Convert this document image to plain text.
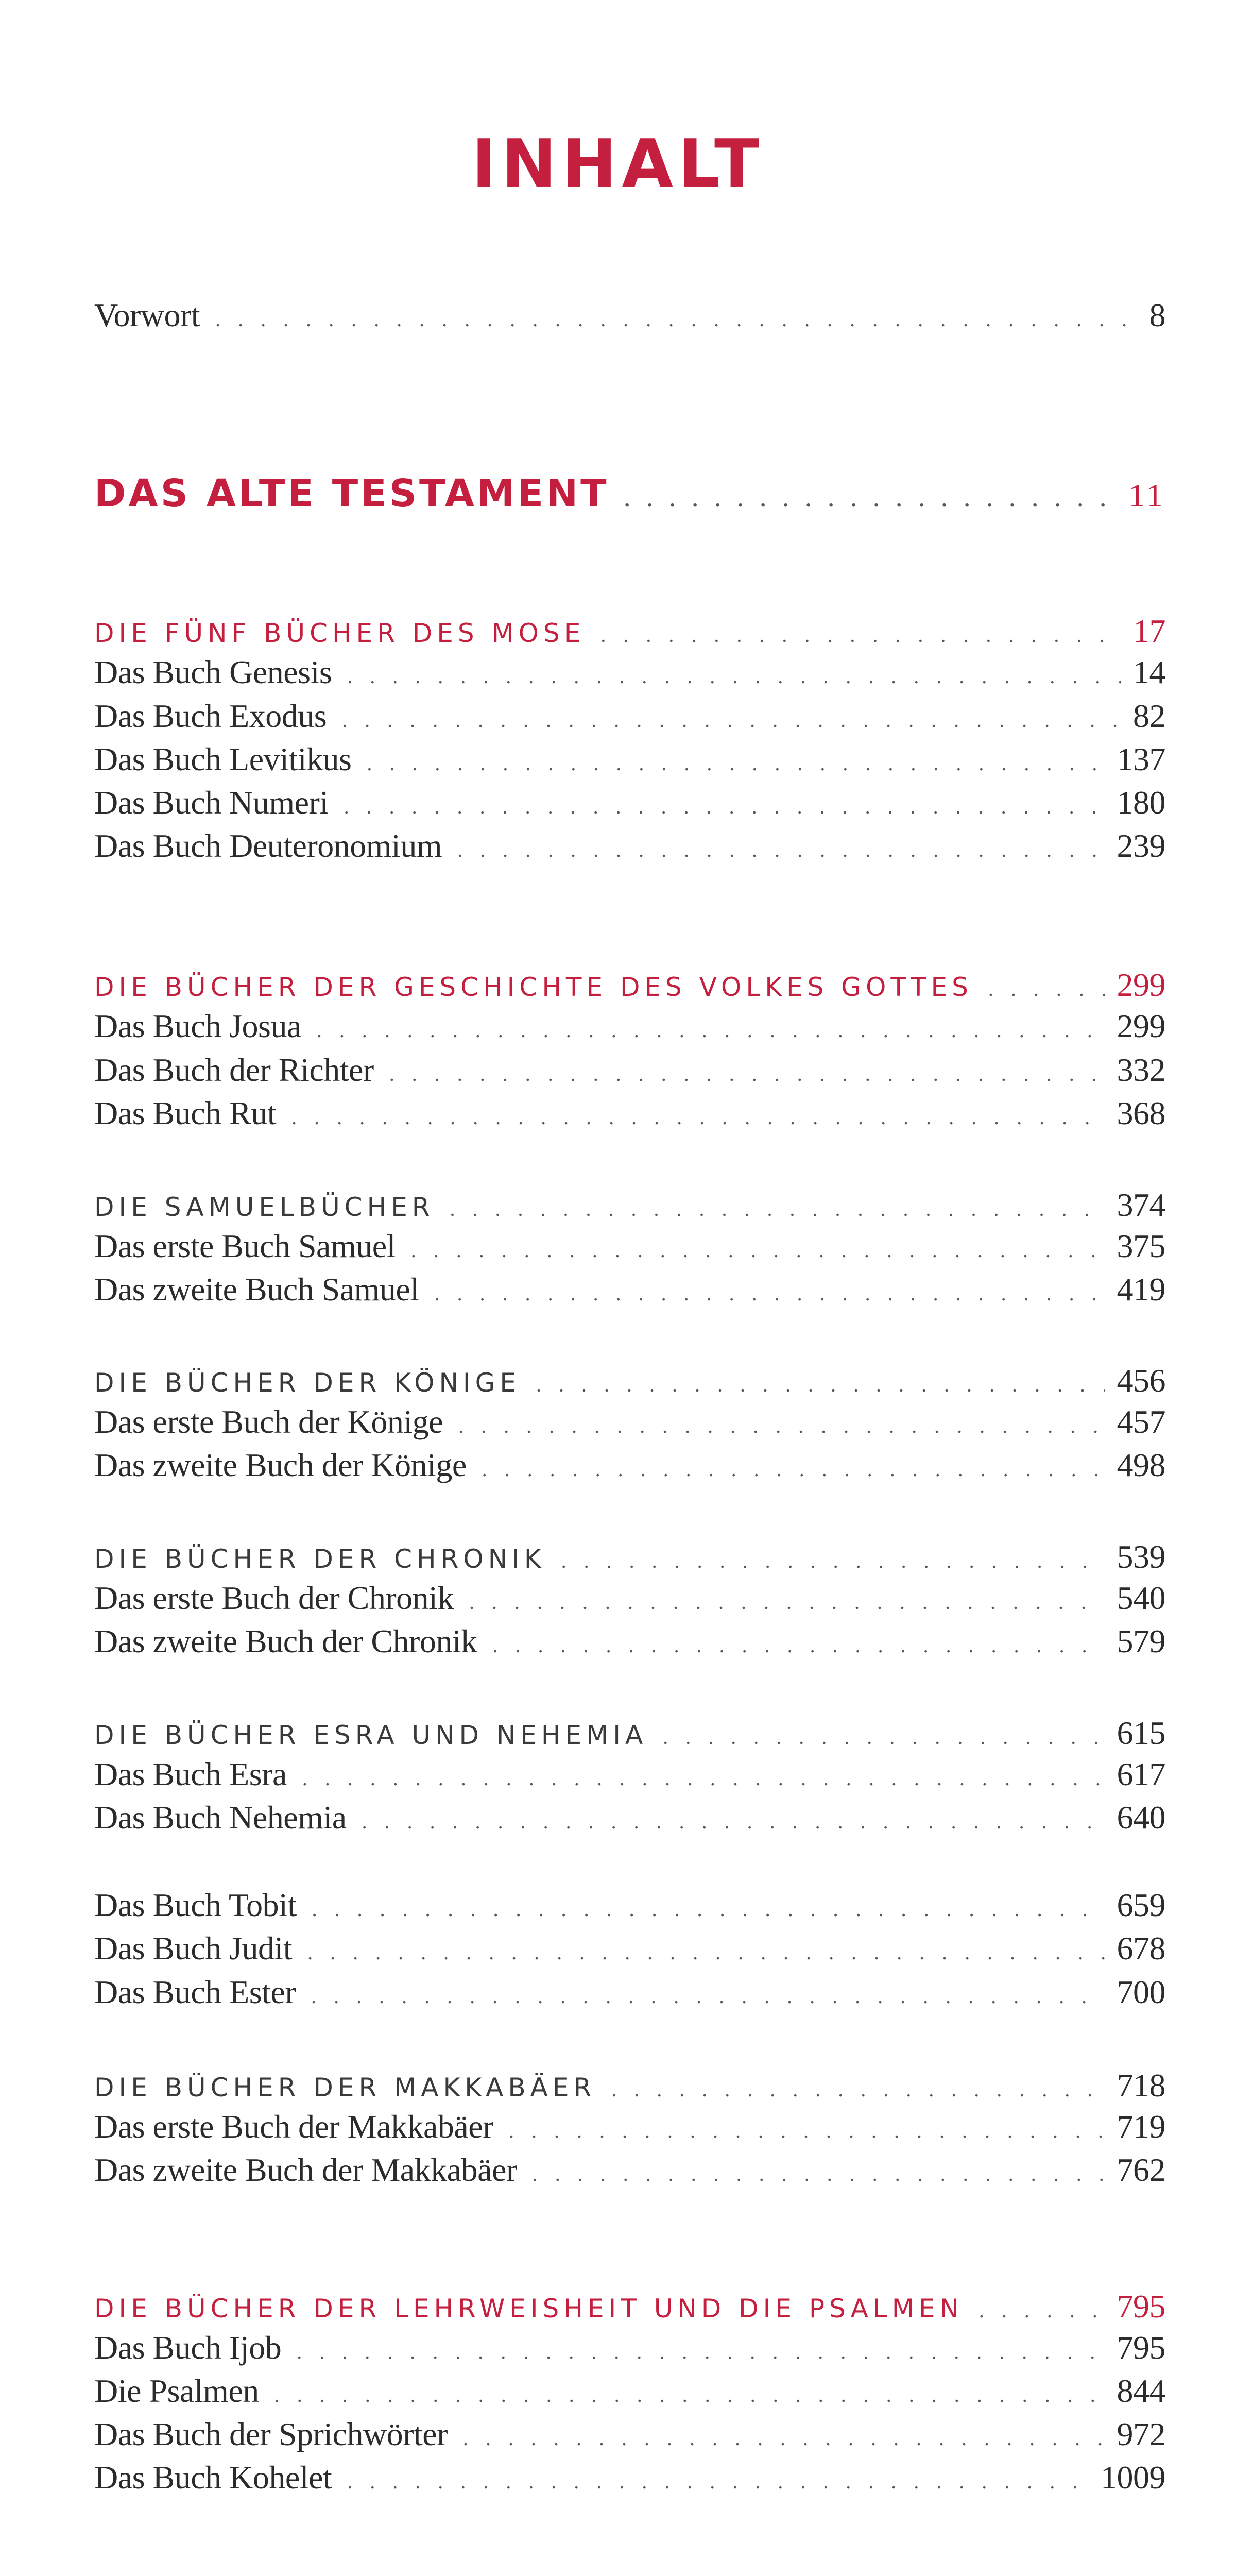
INHALT
Vorwort . . .	8
DAS ALTE TESTAMENT . . .	11
DIE FÜNF BÜCHER DES MOSE . . .	17
Das Buch Genesis . . .	14
Das Buch Exodus . . .	82
Das Buch Levitikus . . .	137
Das Buch Numeri . . .	180
Das Buch Deuteronomium . . .	239
DIE BÜCHER DER GESCHICHTE DES VOLKES GOTTES . . .	299
Das Buch Josua . . .	299
Das Buch der Richter . . .	332
Das Buch Rut . . .	368
DIE SAMUELBÜCHER . . .	374
Das erste Buch Samuel . . .	375
Das zweite Buch Samuel . . .	419
DIE BÜCHER DER KÖNIGE . . .	456
Das erste Buch der Könige . . .	457
Das zweite Buch der Könige . . .	498
DIE BÜCHER DER CHRONIK . . .	539
Das erste Buch der Chronik . . .	540
Das zweite Buch der Chronik . . .	579
DIE BÜCHER ESRA UND NEHEMIA . . .	615
Das Buch Esra . . .	617
Das Buch Nehemia . . .	640
Das Buch Tobit . . .	659
Das Buch Judit . . .	678
Das Buch Ester . . .	700
DIE BÜCHER DER MAKKABÄER . . .	718
Das erste Buch der Makkabäer . . .	719
Das zweite Buch der Makkabäer . . .	762
DIE BÜCHER DER LEHRWEISHEIT UND DIE PSALMEN . . .	795
Das Buch Ijob . . .	795
Die Psalmen . . .	844
Das Buch der Sprichwörter . . .	972
Das Buch Kohelet . . .	1009
